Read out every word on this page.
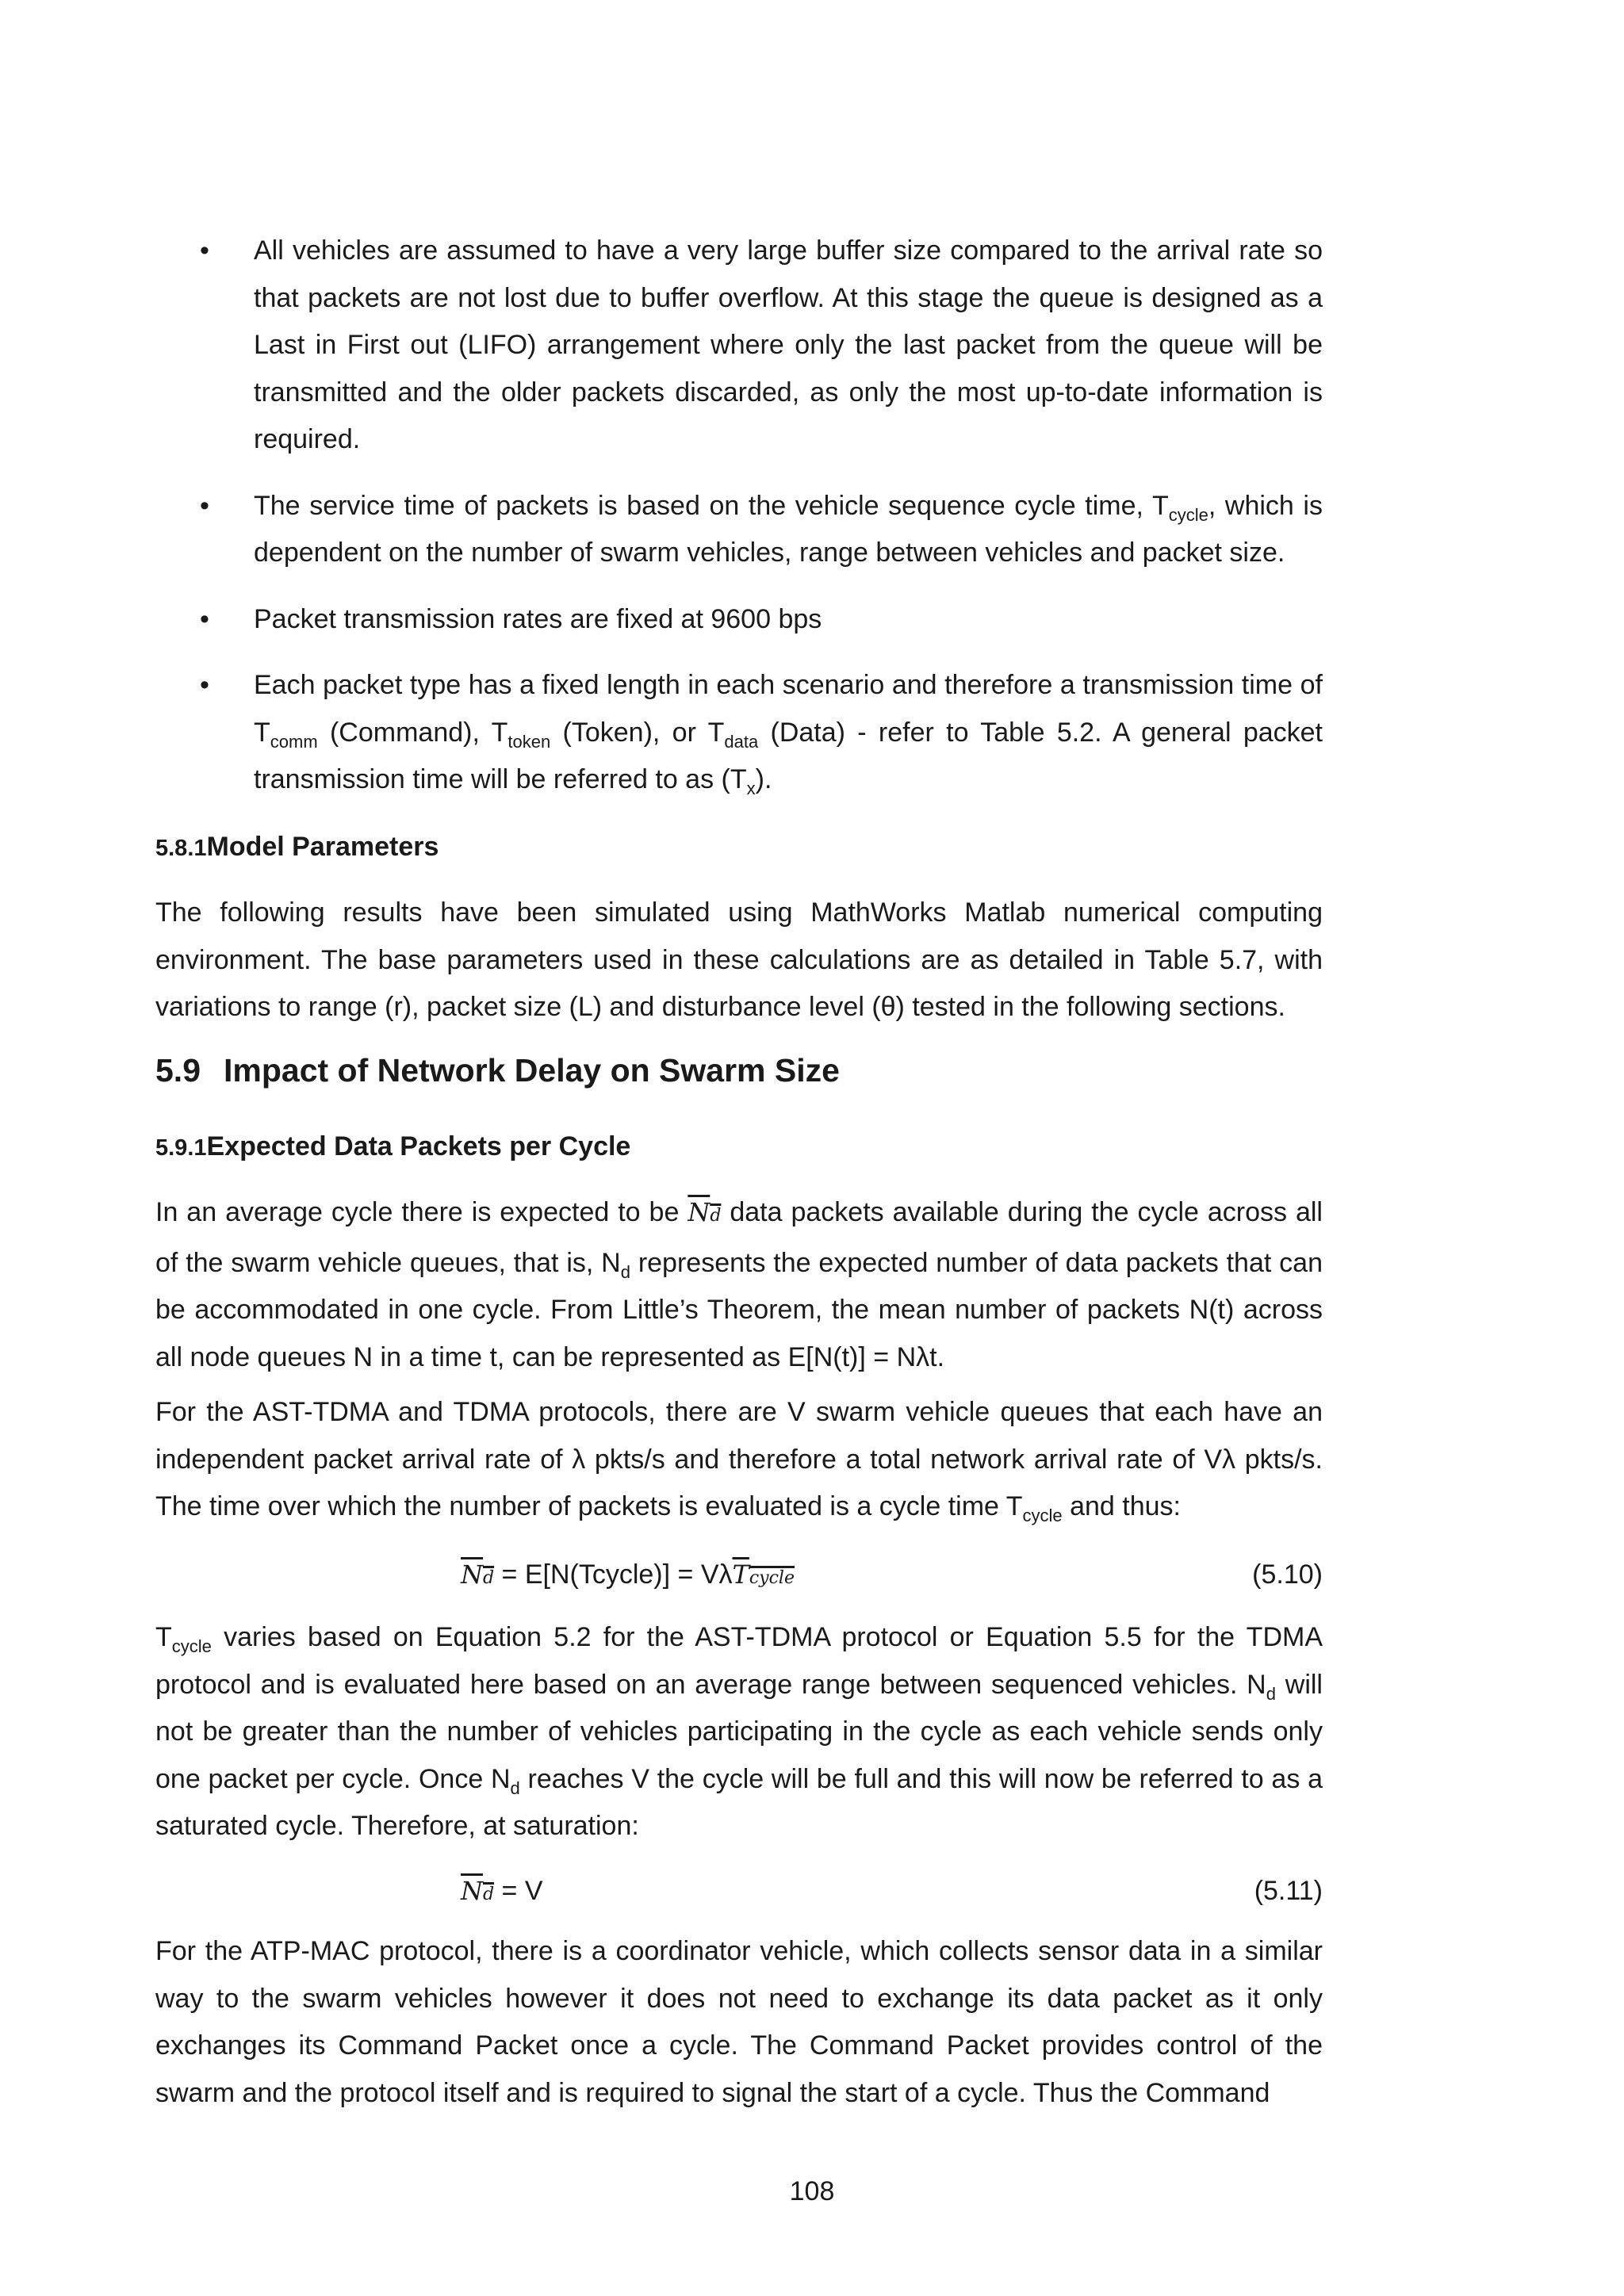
• All vehicles are assumed to have a very large buffer size compared to the arrival rate so that packets are not lost due to buffer overflow. At this stage the queue is designed as a Last in First out (LIFO) arrangement where only the last packet from the queue will be transmitted and the older packets discarded, as only the most up-to-date information is required.
• The service time of packets is based on the vehicle sequence cycle time, $T_{cycle}$, which is dependent on the number of swarm vehicles, range between vehicles and packet size.
• Packet transmission rates are fixed at 9600 bps
• Each packet type has a fixed length in each scenario and therefore a transmission time of $T_{comm}$ (Command), $T_{token}$ (Token), or $T_{data}$ (Data) - refer to Table 5.2. A general packet transmission time will be referred to as $(T_x)$.
5.8.1Model Parameters
The following results have been simulated using MathWorks Matlab numerical computing environment. The base parameters used in these calculations are as detailed in Table 5.7, with variations to range (r), packet size (L) and disturbance level (θ) tested in the following sections.
5.9 Impact of Network Delay on Swarm Size
5.9.1Expected Data Packets per Cycle
In an average cycle there is expected to be Nd data packets available during the cycle across all of the swarm vehicle queues, that is, $N_d$ represents the expected number of data packets that can be accommodated in one cycle. From Little’s Theorem, the mean number of packets N(t) across all node queues N in a time t, can be represented as E[N(t)] = Nλt.
For the AST-TDMA and TDMA protocols, there are V swarm vehicle queues that each have an independent packet arrival rate of λ pkts/s and therefore a total network arrival rate of Vλ pkts/s. The time over which the number of packets is evaluated is a cycle time $T_{cycle}$ and thus:
Nd = E[N(Tcycle)] = VλTcycle	(5.10)
$T_{cycle}$ varies based on Equation 5.2 for the AST-TDMA protocol or Equation 5.5 for the TDMA protocol and is evaluated here based on an average range between sequenced vehicles. $N_d$ will not be greater than the number of vehicles participating in the cycle as each vehicle sends only one packet per cycle. Once $N_d$ reaches V the cycle will be full and this will now be referred to as a saturated cycle. Therefore, at saturation:
Nd = V	(5.11)
For the ATP-MAC protocol, there is a coordinator vehicle, which collects sensor data in a similar way to the swarm vehicles however it does not need to exchange its data packet as it only exchanges its Command Packet once a cycle. The Command Packet provides control of the swarm and the protocol itself and is required to signal the start of a cycle. Thus the Command
108
